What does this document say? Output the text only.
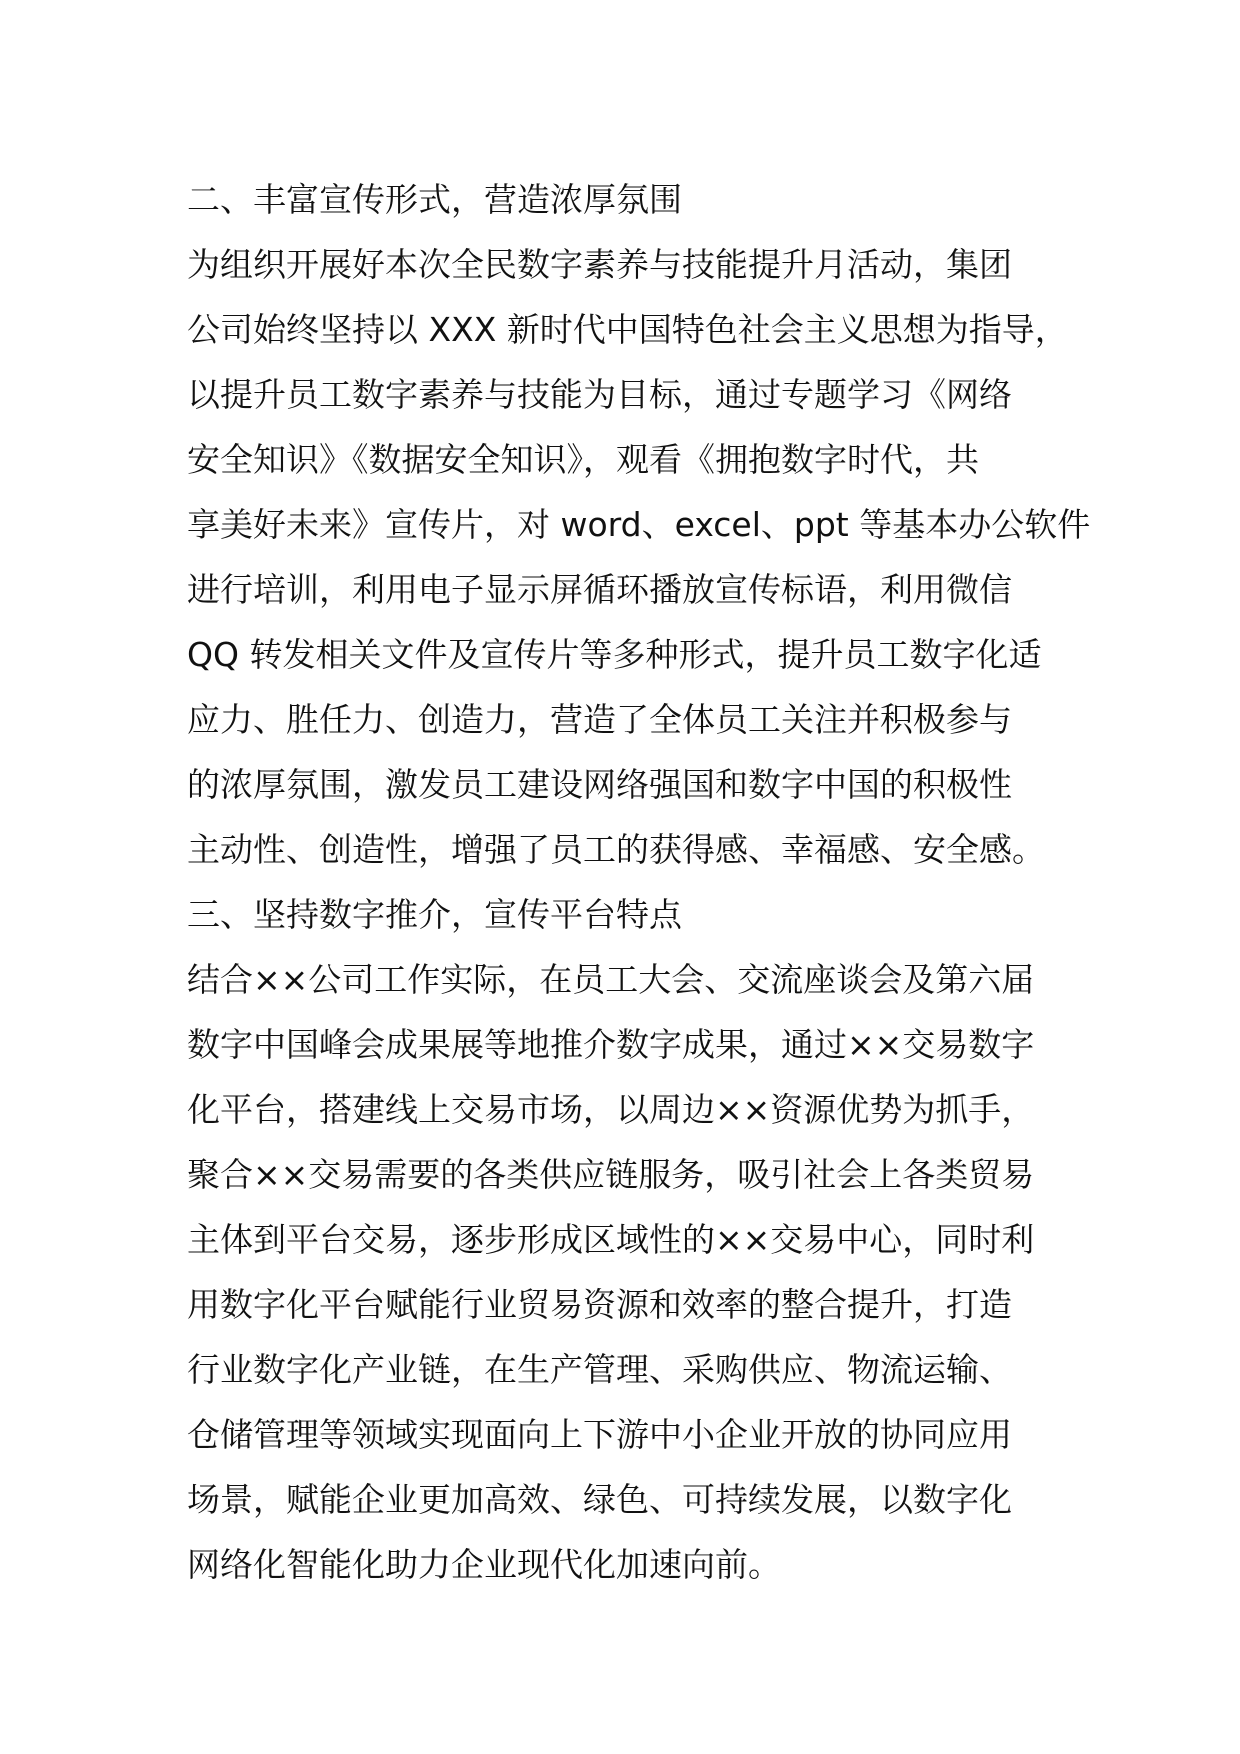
二、丰富宣传形式，营造浓厚氛围
为组织开展好本次全民数字素养与技能提升月活动，集团
公司始终坚持以 XXX 新时代中国特色社会主义思想为指导，
以提升员工数字素养与技能为目标，通过专题学习《网络
安全知识》《数据安全知识》，观看《拥抱数字时代，共
享美好未来》宣传片，对 word、excel、ppt 等基本办公软件
进行培训，利用电子显示屏循环播放宣传标语，利用微信
QQ 转发相关文件及宣传片等多种形式，提升员工数字化适
应力、胜任力、创造力，营造了全体员工关注并积极参与
的浓厚氛围，激发员工建设网络强国和数字中国的积极性
主动性、创造性，增强了员工的获得感、幸福感、安全感。
三、坚持数字推介，宣传平台特点
结合××公司工作实际，在员工大会、交流座谈会及第六届
数字中国峰会成果展等地推介数字成果，通过××交易数字
化平台，搭建线上交易市场，以周边××资源优势为抓手，
聚合××交易需要的各类供应链服务，吸引社会上各类贸易
主体到平台交易，逐步形成区域性的××交易中心，同时利
用数字化平台赋能行业贸易资源和效率的整合提升，打造
行业数字化产业链，在生产管理、采购供应、物流运输、
仓储管理等领域实现面向上下游中小企业开放的协同应用
场景，赋能企业更加高效、绿色、可持续发展，以数字化
网络化智能化助力企业现代化加速向前。
